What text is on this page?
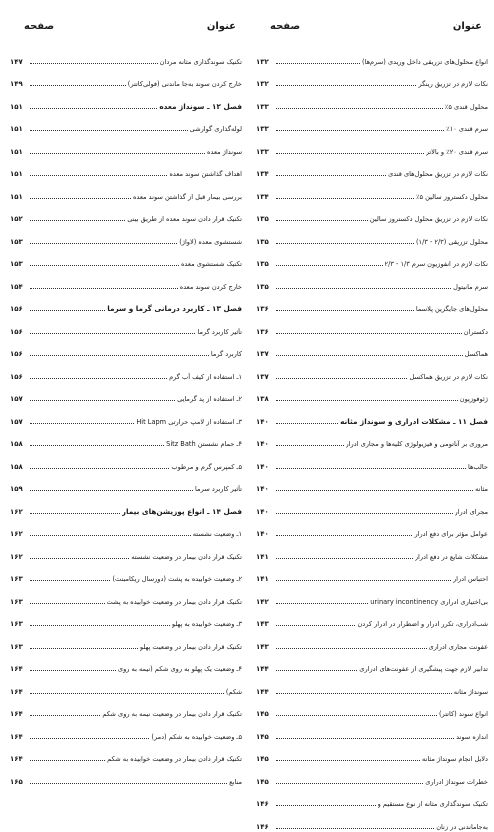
عنوان
صفحه
انواع محلول‌های تزریقی داخل وریدی (سرم‌ها)
۱۳۲
نکات لازم در تزریق رینگر
۱۳۲
محلول قندی ۵٪
۱۳۳
سرم قندی ۱۰٪
۱۳۳
سرم قندی ۲۰٪ و بالاتر
۱۳۳
نکات لازم در تزریق محلول‌های قندی
۱۳۴
محلول دکستروز سالین ۵٪
۱۳۴
نکات لازم در تزریق محلول دکستروز سالین
۱۳۵
محلول تزریقی (۲/۳ - ۱/۳)
۱۳۵
نکات لازم در انفوزیون سرم ۱/۳ - ۲/۳
۱۳۵
سرم مانیتول
۱۳۵
محلول‌های جایگزین پلاسما
۱۳۶
دکستران
۱۳۶
هماکسل
۱۳۷
نکات لازم در تزریق هماکسل
۱۳۷
ژئوفوزیون
۱۳۸
فصل ۱۱ ـ مشکلات ادراری و سونداژ مثانه
۱۴۰
مروری بر آناتومی و فیزیولوژی کلیه‌ها و مجاری ادرار
۱۴۰
حالب‌ها
۱۴۰
مثانه
۱۴۰
مجرای ادرار
۱۴۰
عوامل مؤثر برای دفع ادرار
۱۴۰
مشکلات شایع در دفع ادرار
۱۴۱
احتباس ادرار
۱۴۱
بی‌اختیاری ادراری urinary incontinency
۱۴۲
شب‌ادراری، تکرر ادرار و اضطرار در ادرار کردن
۱۴۳
عفونت مجاری ادراری
۱۴۳
تدابیر لازم جهت پیشگیری از عفونت‌های ادراری
۱۴۴
سونداژ مثانه
۱۴۴
انواع سوند (کاتتر)
۱۴۵
اندازه سوند
۱۴۵
دلایل انجام سونداژ مثانه
۱۴۵
خطرات سونداژ ادراری
۱۴۵
تکنیک سوندگذاری مثانه از نوع مستقیم و
۱۴۶
به‌جاماندنی در زنان
۱۴۶
عنوان
صفحه
تکنیک سوندگذاری مثانه مردان
۱۴۷
خارج کردن سوند به‌جا ماندنی (فولی‌کاتتر)
۱۴۹
فصل ۱۲ ـ سونداژ معده
۱۵۱
لوله‌گذاری گوارشی
۱۵۱
سونداژ معده
۱۵۱
اهداف گذاشتن سوند معده
۱۵۱
بررسی بیمار قبل از گذاشتن سوند معده
۱۵۱
تکنیک قرار دادن سوند معده از طریق بینی
۱۵۲
شستشوی معده (لاواژ)
۱۵۳
تکنیک شستشوی معده
۱۵۳
خارج کردن سوند معده
۱۵۴
فصل ۱۳ ـ کاربرد درمانی گرما و سرما
۱۵۶
تأثیر کاربرد گرما
۱۵۶
کاربرد گرما
۱۵۶
۱ـ استفاده از کیف آب گرم
۱۵۶
۲ـ استفاده از پد گرمایی
۱۵۷
۳ـ استفاده از لامپ حرارتی Hit Lapm
۱۵۷
۴ـ حمام نشستن Sitz Bath
۱۵۸
۵ـ کمپرس گرم و مرطوب
۱۵۸
تأثیر کاربرد سرما
۱۵۹
فصل ۱۴ ـ انواع پوزیشن‌های بیمار
۱۶۲
۱ـ وضعیت نشسته
۱۶۲
تکنیک قرار دادن بیمار در وضعیت نشسته
۱۶۲
۲ـ وضعیت خوابیده به پشت (دورسال ریکامبنت)
۱۶۳
تکنیک قرار دادن بیمار در وضعیت خوابیده به پشت
۱۶۳
۳ـ وضعیت خوابیده به پهلو
۱۶۳
تکنیک قرار دادن بیمار در وضعیت پهلو
۱۶۳
۴ـ وضعیت یک پهلو به روی شکم (نیمه به روی
۱۶۴
شکم)
۱۶۴
تکنیک قرار دادن بیمار در وضعیت نیمه به روی شکم
۱۶۴
۵ـ وضعیت خوابیده به شکم (دمر)
۱۶۴
تکنیک قرار دادن بیمار در وضعیت خوابیده به شکم
۱۶۴
منابع
۱۶۵
